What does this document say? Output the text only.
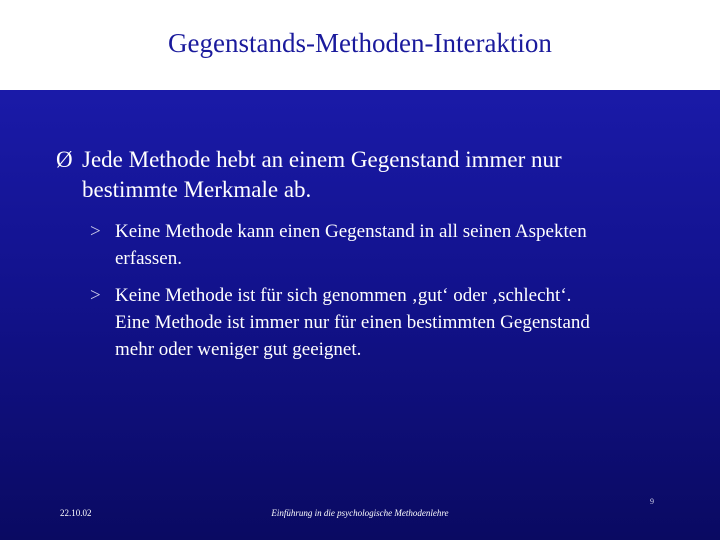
Gegenstands-Methoden-Interaktion
Ø Jede Methode hebt an einem Gegenstand immer nur bestimmte Merkmale ab.
> Keine Methode kann einen Gegenstand in all seinen Aspekten erfassen.
> Keine Methode ist für sich genommen ‚gut‘ oder ‚schlecht‘. Eine Methode ist immer nur für einen bestimmten Gegenstand mehr oder weniger gut geeignet.
22.10.02	Einführung in die psychologische Methodenlehre
9
